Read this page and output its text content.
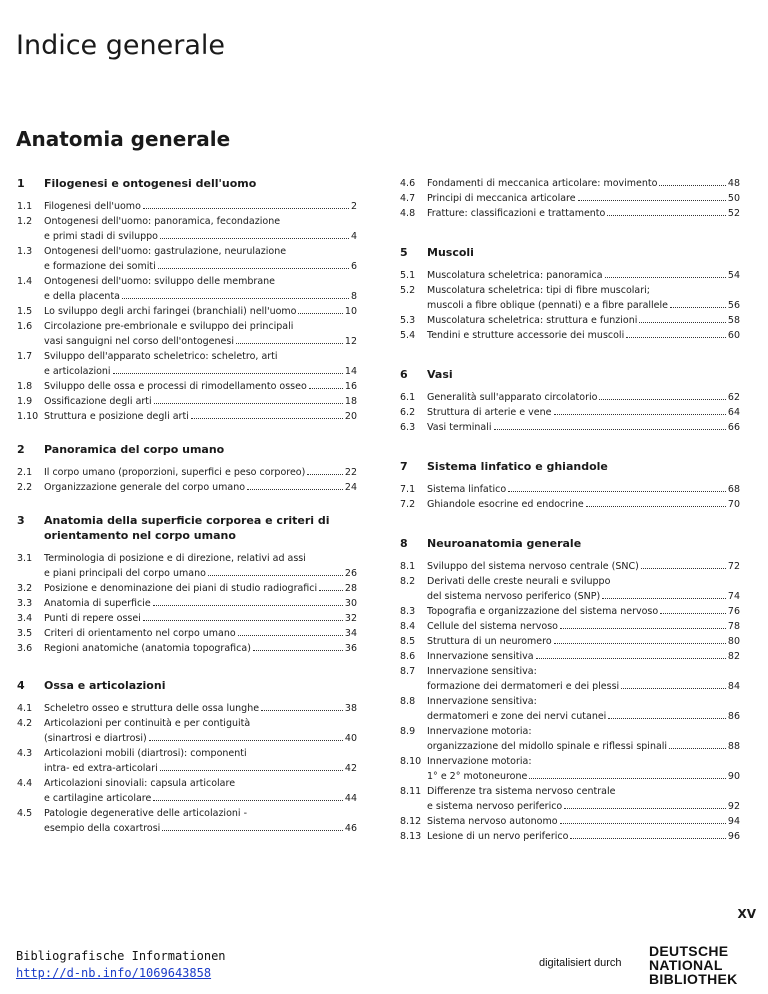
Indice generale
Anatomia generale
1	Filogenesi e ontogenesi dell'uomo
1.1	Filogenesi dell'uomo	2
1.2	Ontogenesi dell'uomo: panoramica, fecondazione
e primi stadi di sviluppo	4
1.3	Ontogenesi dell'uomo: gastrulazione, neurulazione
e formazione dei somiti	6
1.4	Ontogenesi dell'uomo: sviluppo delle membrane
e della placenta	8
1.5	Lo sviluppo degli archi faringei (branchiali) nell'uomo	10
1.6	Circolazione pre-embrionale e sviluppo dei principali
vasi sanguigni nel corso dell'ontogenesi	12
1.7	Sviluppo dell'apparato scheletrico: scheletro, arti
e articolazioni	14
1.8	Sviluppo delle ossa e processi di rimodellamento osseo	16
1.9	Ossificazione degli arti	18
1.10 Struttura e posizione degli arti	20
2	Panoramica del corpo umano
2.1	Il corpo umano (proporzioni, superfici e peso corporeo)	22
2.2	Organizzazione generale del corpo umano	24
3	Anatomia della superficie corporea e criteri di orientamento nel corpo umano
3.1	Terminologia di posizione e di direzione, relativi ad assi
e piani principali del corpo umano	26
3.2	Posizione e denominazione dei piani di studio radiografici	28
3.3	Anatomia di superficie	30
3.4	Punti di repere ossei	32
3.5	Criteri di orientamento nel corpo umano	34
3.6	Regioni anatomiche (anatomia topografica)	36
4	Ossa e articolazioni
4.1	Scheletro osseo e struttura delle ossa lunghe	38
4.2	Articolazioni per continuità e per contiguità
(sinartrosi e diartrosi)	40
4.3	Articolazioni mobili (diartrosi): componenti
intra- ed extra-articolari	42
4.4	Articolazioni sinoviali: capsula articolare
e cartilagine articolare	44
4.5	Patologie degenerative delle articolazioni -
esempio della coxartrosi	46
4.6	Fondamenti di meccanica articolare: movimento	48
4.7	Principi di meccanica articolare	50
4.8	Fratture: classificazioni e trattamento	52
5	Muscoli
5.1	Muscolatura scheletrica: panoramica	54
5.2	Muscolatura scheletrica: tipi di fibre muscolari;
muscoli a fibre oblique (pennati) e a fibre parallele	56
5.3	Muscolatura scheletrica: struttura e funzioni	58
5.4	Tendini e strutture accessorie dei muscoli	60
6	Vasi
6.1	Generalità sull'apparato circolatorio	62
6.2	Struttura di arterie e vene	64
6.3	Vasi terminali	66
7	Sistema linfatico e ghiandole
7.1	Sistema linfatico	68
7.2	Ghiandole esocrine ed endocrine	70
8	Neuroanatomia generale
8.1	Sviluppo del sistema nervoso centrale (SNC)	72
8.2	Derivati delle creste neurali e sviluppo
del sistema nervoso periferico (SNP)	74
8.3	Topografia e organizzazione del sistema nervoso	76
8.4	Cellule del sistema nervoso	78
8.5	Struttura di un neuromero	80
8.6	Innervazione sensitiva	82
8.7	Innervazione sensitiva:
formazione dei dermatomeri e dei plessi	84
8.8	Innervazione sensitiva:
dermatomeri e zone dei nervi cutanei	86
8.9	Innervazione motoria:
organizzazione del midollo spinale e riflessi spinali	88
8.10 Innervazione motoria:
1° e 2° motoneurone	90
8.11 Differenze tra sistema nervoso centrale
e sistema nervoso periferico	92
8.12 Sistema nervoso autonomo	94
8.13 Lesione di un nervo periferico	96
XV
Bibliografische Informationen
http://d-nb.info/1069643858
digitalisiert durch
DEUTSCHE
NATIONAL
BIBLIOTHEK
